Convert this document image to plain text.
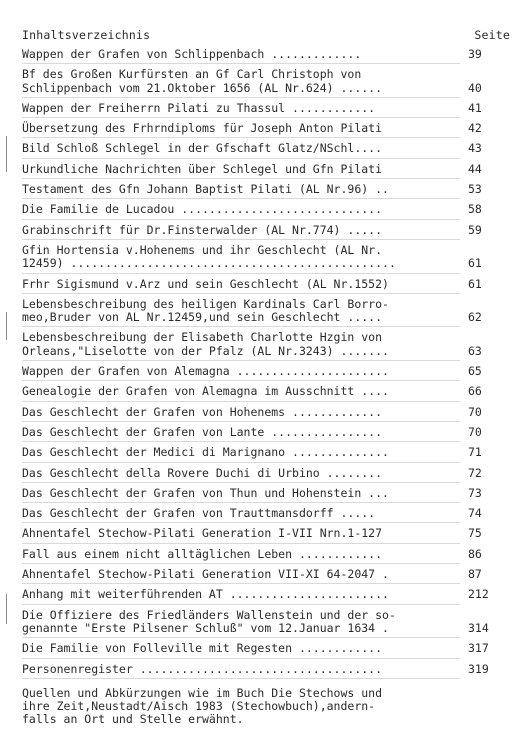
Inhaltsverzeichnis	Seite
Wappen der Grafen von Schlippenbach .............	39
Bf des Großen Kurfürsten an Gf Carl Christoph von
Schlippenbach vom 21.Oktober 1656 (AL Nr.624) ......	40
Wappen der Freiherrn Pilati zu Thassul ............	41
Übersetzung des Frhrndiploms für Joseph Anton Pilati	42
Bild Schloß Schlegel in der Gfschaft Glatz/NSchl....	43
Urkundliche Nachrichten über Schlegel und Gfn Pilati	44
Testament des Gfn Johann Baptist Pilati (AL Nr.96) ..	53
Die Familie de Lucadou .............................	58
Grabinschrift für Dr.Finsterwalder (AL Nr.774) .....	59
Gfin Hortensia v.Hohenems und ihr Geschlecht (AL Nr.
12459) ...............................................	61
Frhr Sigismund v.Arz und sein Geschlecht (AL Nr.1552)	61
Lebensbeschreibung des heiligen Kardinals Carl Borro-
meo,Bruder von AL Nr.12459,und sein Geschlecht .....	62
Lebensbeschreibung der Elisabeth Charlotte Hzgin von
Orleans,"Liselotte von der Pfalz (AL Nr.3243) .......	63
Wappen der Grafen von Alemagna ......................	65
Genealogie der Grafen von Alemagna im Ausschnitt ....	66
Das Geschlecht der Grafen von Hohenems .............	70
Das Geschlecht der Grafen von Lante ................	70
Das Geschlecht der Medici di Marignano ..............	71
Das Geschlecht della Rovere Duchi di Urbino ........	72
Das Geschlecht der Grafen von Thun und Hohenstein ...	73
Das Geschlecht der Grafen von Trauttmansdorff .....	74
Ahnentafel Stechow-Pilati Generation I-VII Nrn.1-127	75
Fall aus einem nicht alltäglichen Leben ............	86
Ahnentafel Stechow-Pilati Generation VII-XI 64-2047 .	87
Anhang mit weiterführenden AT .......................	212
Die Offiziere des Friedländers Wallenstein und der so-
genannte "Erste Pilsener Schluß" vom 12.Januar 1634 .	314
Die Familie von Folleville mit Regesten ............	317
Personenregister ...................................	319
Quellen und Abkürzungen wie im Buch Die Stechows und
ihre Zeit,Neustadt/Aisch 1983 (Stechowbuch),andern-
falls an Ort und Stelle erwähnt.
